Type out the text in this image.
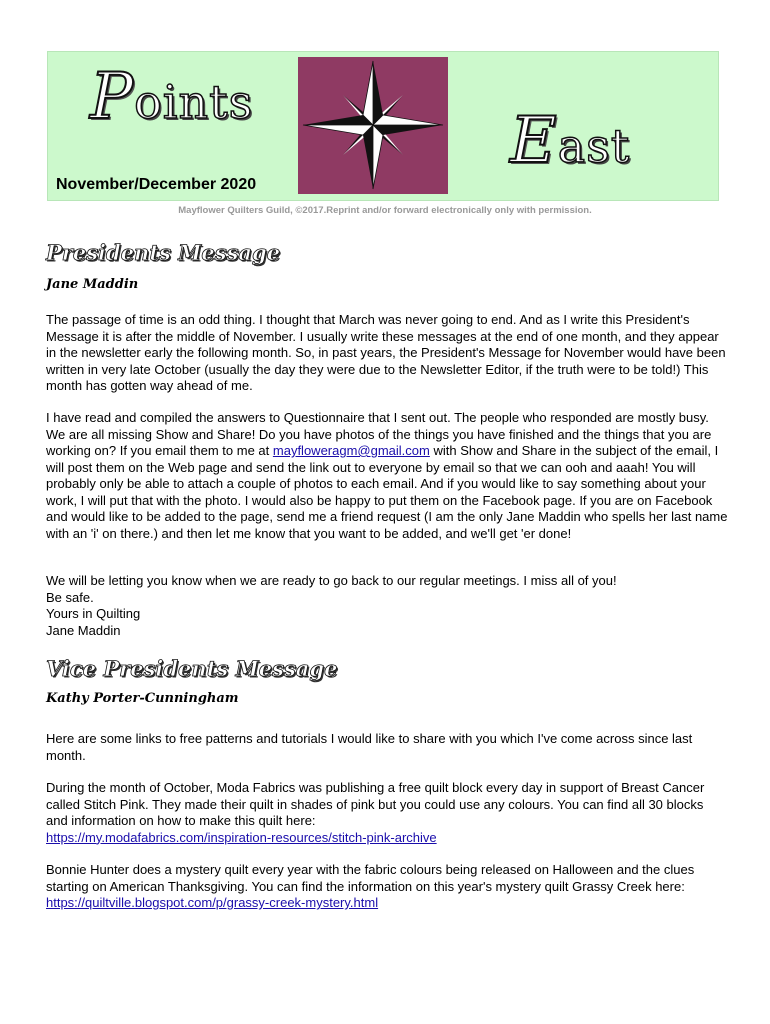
Points
East
November/December 2020
Mayflower Quilters Guild, ©2017.Reprint and/or forward electronically only with permission.
Presidents Message
Jane Maddin
The passage of time is an odd thing. I thought that March was never going to end. And as I write this President's Message it is after the middle of November. I usually write these messages at the end of one month, and they appear in the newsletter early the following month. So, in past years, the President's Message for November would have been written in very late October (usually the day they were due to the Newsletter Editor, if the truth were to be told!) This month has gotten way ahead of me.
I have read and compiled the answers to Questionnaire that I sent out. The people who responded are mostly busy. We are all missing Show and Share! Do you have photos of the things you have finished and the things that you are working on? If you email them to me at mayfloweragm@gmail.com with Show and Share in the subject of the email, I will post them on the Web page and send the link out to everyone by email so that we can ooh and aaah! You will probably only be able to attach a couple of photos to each email. And if you would like to say something about your work, I will put that with the photo. I would also be happy to put them on the Facebook page. If you are on Facebook and would like to be added to the page, send me a friend request (I am the only Jane Maddin who spells her last name with an 'i' on there.) and then let me know that you want to be added, and we'll get 'er done!
We will be letting you know when we are ready to go back to our regular meetings. I miss all of you!
Be safe.
Yours in Quilting
Jane Maddin
Vice Presidents Message
Kathy Porter-Cunningham
Here are some links to free patterns and tutorials I would like to share with you which I've come across since last month.
During the month of October, Moda Fabrics was publishing a free quilt block every day in support of Breast Cancer called Stitch Pink. They made their quilt in shades of pink but you could use any colours. You can find all 30 blocks and information on how to make this quilt here:
https://my.modafabrics.com/inspiration-resources/stitch-pink-archive
Bonnie Hunter does a mystery quilt every year with the fabric colours being released on Halloween and the clues starting on American Thanksgiving. You can find the information on this year's mystery quilt Grassy Creek here: https://quiltville.blogspot.com/p/grassy-creek-mystery.html
